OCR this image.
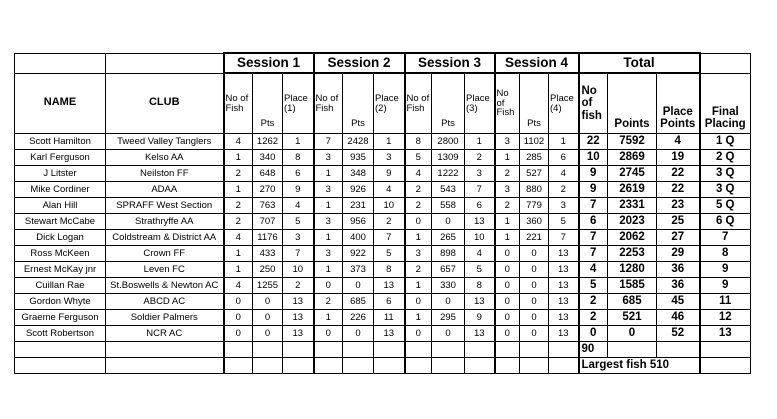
		Session 1			Session 2			Session 3			Session 4			Total			
NAME	CLUB	No of Fish	Pts	Place (1)	No of Fish	Pts	Place (2)	No of Fish	Pts	Place (3)	No of Fish	Pts	Place (4)	No of fish	Points	Place Points	Final Placing
Scott Hamilton	Tweed Valley Tanglers	4	1262	1	7	2428	1	8	2800	1	3	1102	1	22	7592	4	1 Q
Karl Ferguson	Kelso AA	1	340	8	3	935	3	5	1309	2	1	285	6	10	2869	19	2 Q
J Litster	Neilston FF	2	648	6	1	348	9	4	1222	3	2	527	4	9	2745	22	3 Q
Mike Cordiner	ADAA	1	270	9	3	926	4	2	543	7	3	880	2	9	2619	22	3 Q
Alan Hill	SPRAFF West Section	2	763	4	1	231	10	2	558	6	2	779	3	7	2331	23	5 Q
Stewart McCabe	Strathryffe AA	2	707	5	3	956	2	0	0	13	1	360	5	6	2023	25	6 Q
Dick Logan	Coldstream & District AA	4	1176	3	1	400	7	1	265	10	1	221	7	7	2062	27	7
Ross McKeen	Crown FF	1	433	7	3	922	5	3	898	4	0	0	13	7	2253	29	8
Ernest McKay jnr	Leven FC	1	250	10	1	373	8	2	657	5	0	0	13	4	1280	36	9
Cuillan Rae	St.Boswells & Newton AC	4	1255	2	0	0	13	1	330	8	0	0	13	5	1585	36	9
Gordon Whyte	ABCD AC	0	0	13	2	685	6	0	0	13	0	0	13	2	685	45	11
Graeme Ferguson	Soldier Palmers	0	0	13	1	226	11	1	295	9	0	0	13	2	521	46	12
Scott Robertson	NCR AC	0	0	13	0	0	13	0	0	13	0	0	13	0	0	52	13
														90			
														Largest fish 510			
